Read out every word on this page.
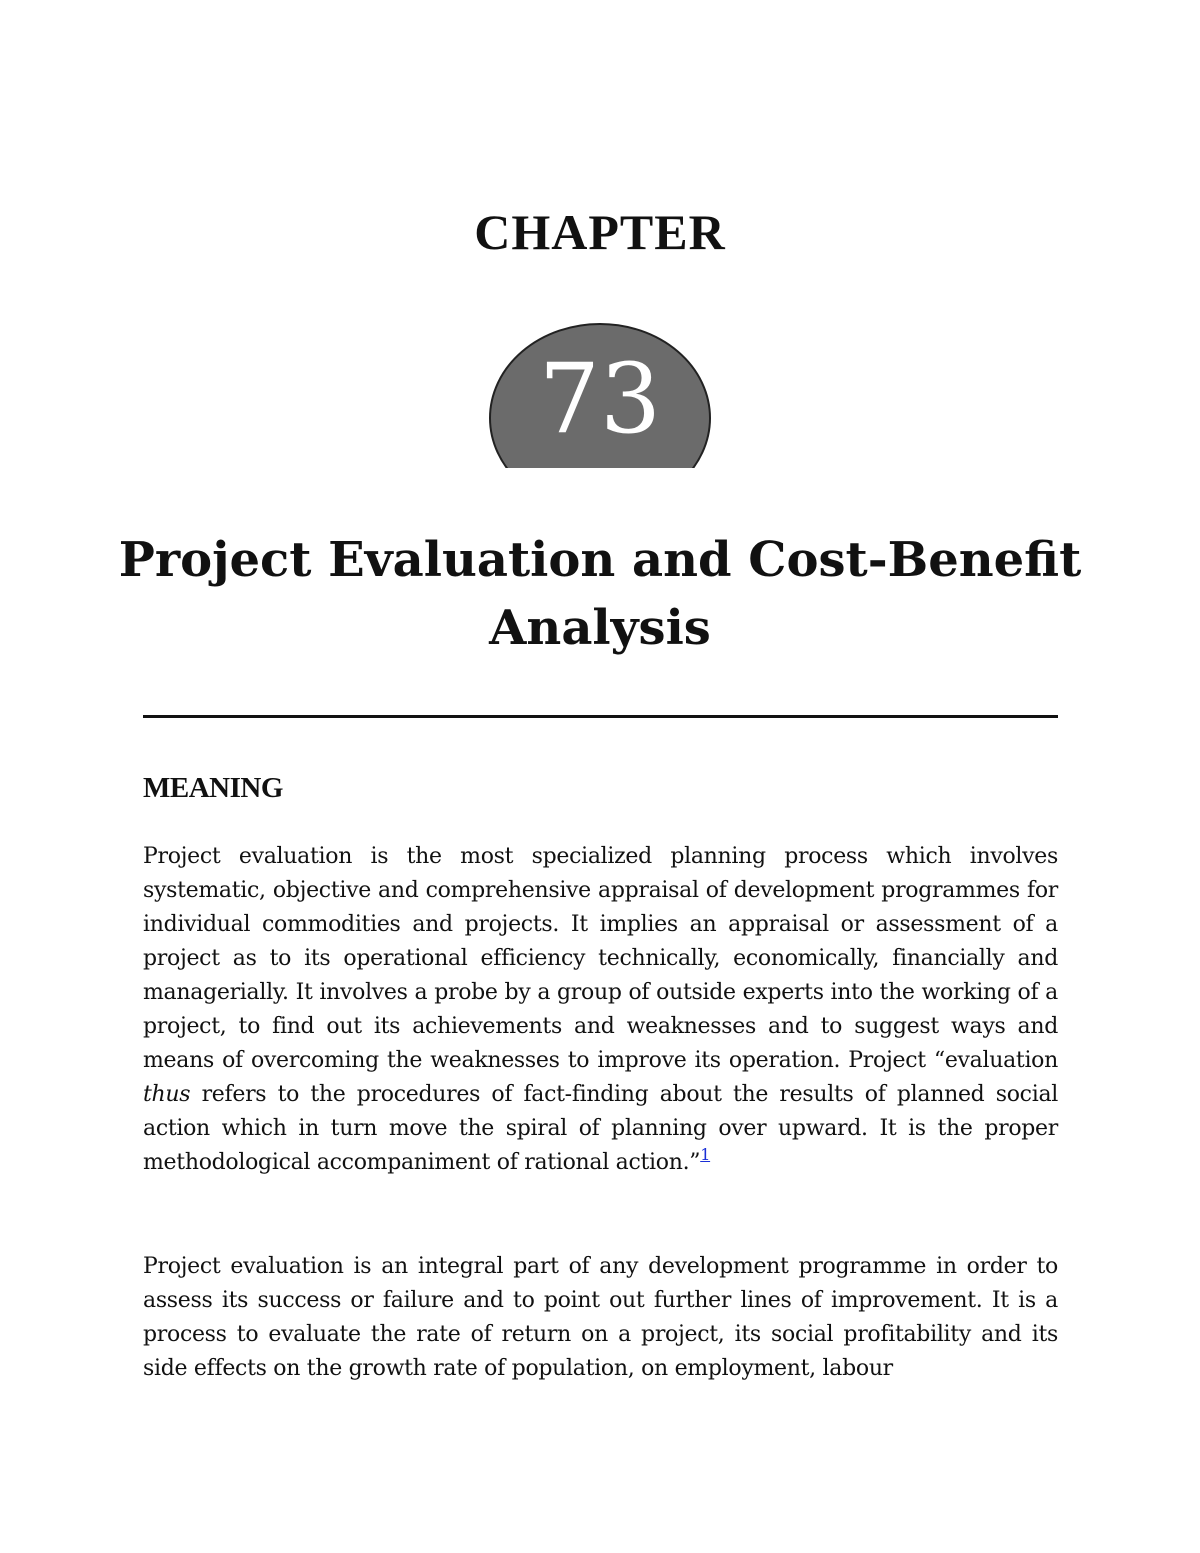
CHAPTER
73
Project Evaluation and Cost-Benefit
Analysis
MEANING

Project evaluation is the most specialized planning process which involves systematic, objective and comprehensive appraisal of development programmes for individual commodities and projects. It implies an appraisal or assessment of a project as to its operational efficiency technically, economically, financially and managerially. It involves a probe by a group of outside experts into the working of a project, to find out its achievements and weaknesses and to suggest ways and means of overcoming the weaknesses to improve its operation. Project “evaluation thus refers to the procedures of fact-finding about the results of planned social action which in turn move the spiral of planning over upward. It is the proper methodological accompaniment of rational action.”$^1$

Project evaluation is an integral part of any development programme in order to assess its success or failure and to point out further lines of improvement. It is a process to evaluate the rate of return on a project, its social profitability and its side effects on the growth rate of population, on employment, labour
